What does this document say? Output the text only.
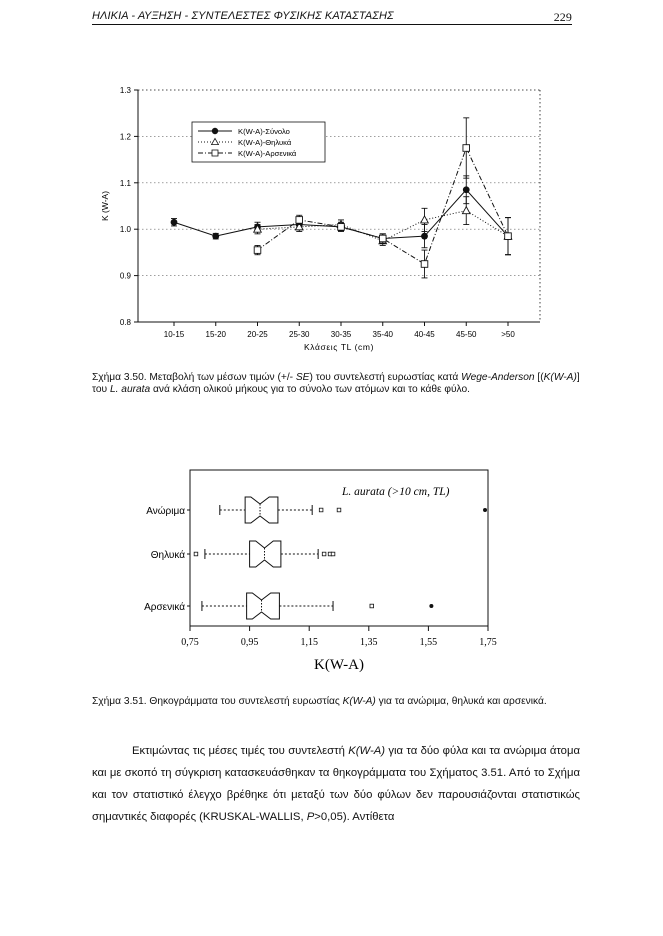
ΗΛΙΚΙΑ - ΑΥΞΗΣΗ - ΣΥΝΤΕΛΕΣΤΕΣ ΦΥΣΙΚΗΣ ΚΑΤΑΣΤΑΣΗΣ	229
0.8
0.9
1.0
1.1
1.2
1.3
10-15	15-20	20-25	25-30	30-35	35-40	40-45	45-50	>50
Κλάσεις TL (cm)
K (W-A)
K(W-A)-Σύνολο
K(W-A)-Θηλυκά
K(W-A)-Αρσενικά
Σχήμα 3.50. Μεταβολή των μέσων τιμών (+/- SE) του συντελεστή ευρωστίας κατά Wege-Anderson [(K(W-A)] του L. aurata ανά κλάση ολικού μήκους για το σύνολο των ατόμων και το κάθε φύλο.
L. aurata (>10 cm, TL)
0,75	0,95	1,15	1,35	1,55	1,75
K(W-A)
Ανώριμα
Θηλυκά
Αρσενικά
Σχήμα 3.51. Θηκογράμματα του συντελεστή ευρωστίας K(W-A) για τα ανώριμα, θηλυκά και αρσενικά.
Εκτιμώντας τις μέσες τιμές του συντελεστή K(W-A) για τα δύο φύλα και τα ανώριμα άτομα και με σκοπό τη σύγκριση κατασκευάσθηκαν τα θηκογράμματα του Σχήματος 3.51. Από το Σχήμα και τον στατιστικό έλεγχο βρέθηκε ότι μεταξύ των δύο φύλων δεν παρουσιάζονται στατιστικώς σημαντικές διαφορές (KRUSKAL-WALLIS, P>0,05). Αντίθετα
